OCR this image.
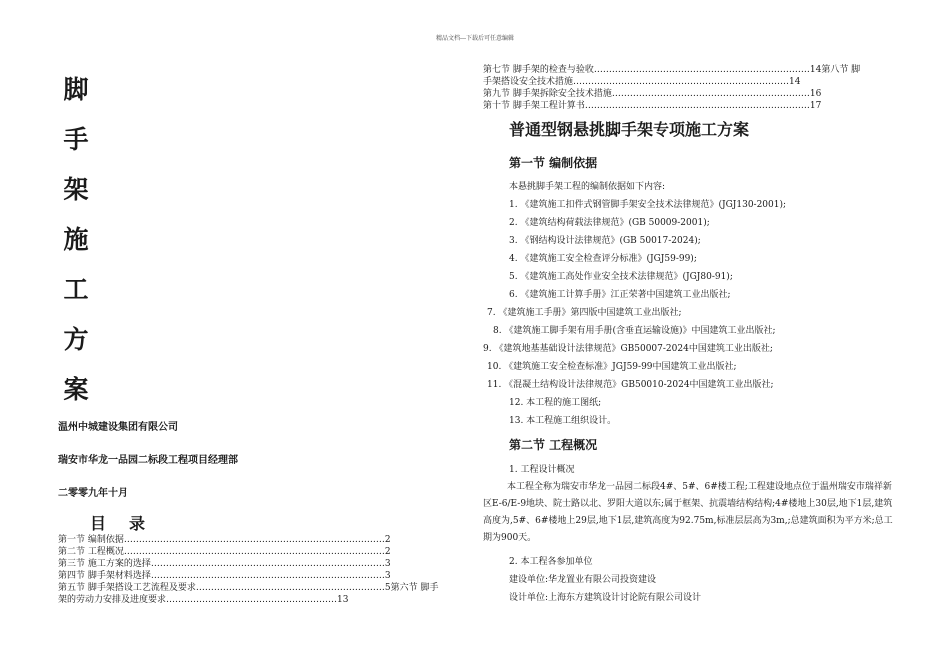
精品文档---下载后可任意编辑
脚
手
架
施
工
方
案
温州中城建设集团有限公司
瑞安市华龙一品园二标段工程项目经理部
二零零九年十月
目 录
第一节 编制依据……………………………………………………………………………2
第二节 工程概况……………………………………………………………………………2
第三节 施工方案的选择……………………………………………………………………3
第四节 脚手架材料选择……………………………………………………………………3
第五节 脚手架搭设工艺流程及要求………………………………………………………5第六节 脚手
架的劳动力安排及进度要求…………………………………………………13
第七节 脚手架的检查与验收………………………………………………………………14第八节 脚
手架搭设安全技术措施………………………………………………………………14
第九节 脚手架拆除安全技术措施…………………………………………………………16
第十节 脚手架工程计算书…………………………………………………………………17
普通型钢悬挑脚手架专项施工方案
第一节 编制依据
本悬挑脚手架工程的编制依据如下内容:
1. 《建筑施工扣件式钢管脚手架安全技术法律规范》(JGJ130-2001);
2. 《建筑结构荷载法律规范》(GB 50009-2001);
3. 《钢结构设计法律规范》(GB 50017-2024);
4. 《建筑施工安全检查评分标准》(JGJ59-99);
5. 《建筑施工高处作业安全技术法律规范》(JGJ80-91);
6. 《建筑施工计算手册》江正荣著中国建筑工业出版社;
7. 《建筑施工手册》第四版中国建筑工业出版社;
8. 《建筑施工脚手架有用手册(含垂直运输设施)》中国建筑工业出版社;
9. 《建筑地基基础设计法律规范》GB50007-2024中国建筑工业出版社;
10. 《建筑施工安全检查标准》JGJ59-99中国建筑工业出版社;
11. 《混凝土结构设计法律规范》GB50010-2024中国建筑工业出版社;
12. 本工程的施工图纸;
13. 本工程施工组织设计。
第二节 工程概况
1. 工程设计概况
本工程全称为瑞安市华龙一品园二标段4#、5#、6#楼工程;工程建设地点位于温州瑞安市瑞祥新区E-6/E-9地块、院士路以北、罗阳大道以东;属于框架、抗震墙结构结构;4#楼地上30层,地下1层,建筑高度为,5#、6#楼地上29层,地下1层,建筑高度为92.75m,标准层层高为3m,;总建筑面积为平方米;总工期为900天。
2. 本工程各参加单位
建设单位:华龙置业有限公司投资建设
设计单位:上海东方建筑设计讨论院有限公司设计
